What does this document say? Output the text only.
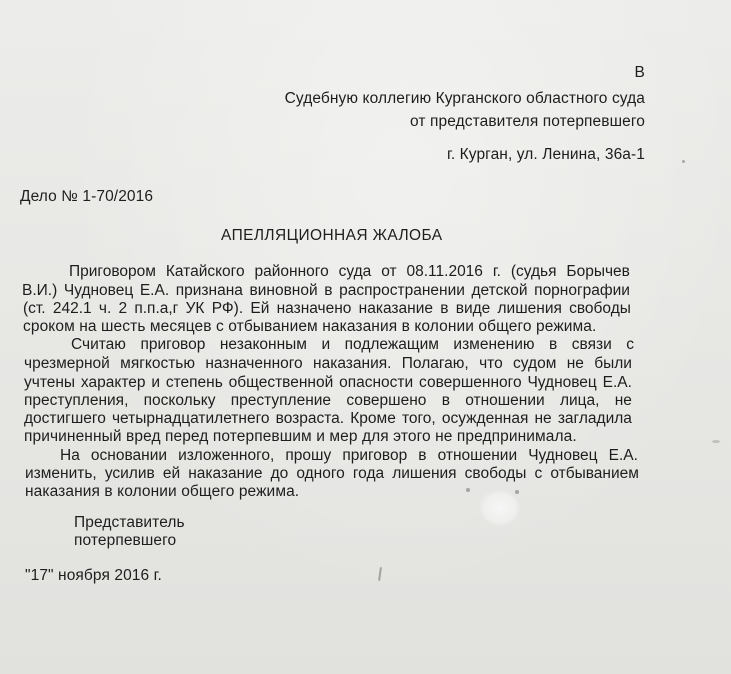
В
Судебную коллегию Курганского областного суда
от представителя потерпевшего
г. Курган, ул. Ленина, 36а-1
Дело № 1-70/2016
АПЕЛЛЯЦИОННАЯ ЖАЛОБА
Приговором Катайского районного суда от 08.11.2016 г. (судья Борычев
В.И.) Чудновец Е.А. признана виновной в распространении детской порнографии
(ст. 242.1 ч. 2 п.п.а,г УК РФ). Ей назначено наказание в виде лишения свободы
сроком на шесть месяцев с отбыванием наказания в колонии общего режима.
Считаю приговор незаконным и подлежащим изменению в связи с
чрезмерной мягкостью назначенного наказания. Полагаю, что судом не были
учтены характер и степень общественной опасности совершенного Чудновец Е.А.
преступления, поскольку преступление совершено в отношении лица, не
достигшего четырнадцатилетнего возраста. Кроме того, осужденная не загладила
причиненный вред перед потерпевшим и мер для этого не предпринимала.
На основании изложенного, прошу приговор в отношении Чудновец Е.А.
изменить, усилив ей наказание до одного года лишения свободы с отбыванием
наказания в колонии общего режима.
Представитель
потерпевшего
"17" ноября 2016 г.
